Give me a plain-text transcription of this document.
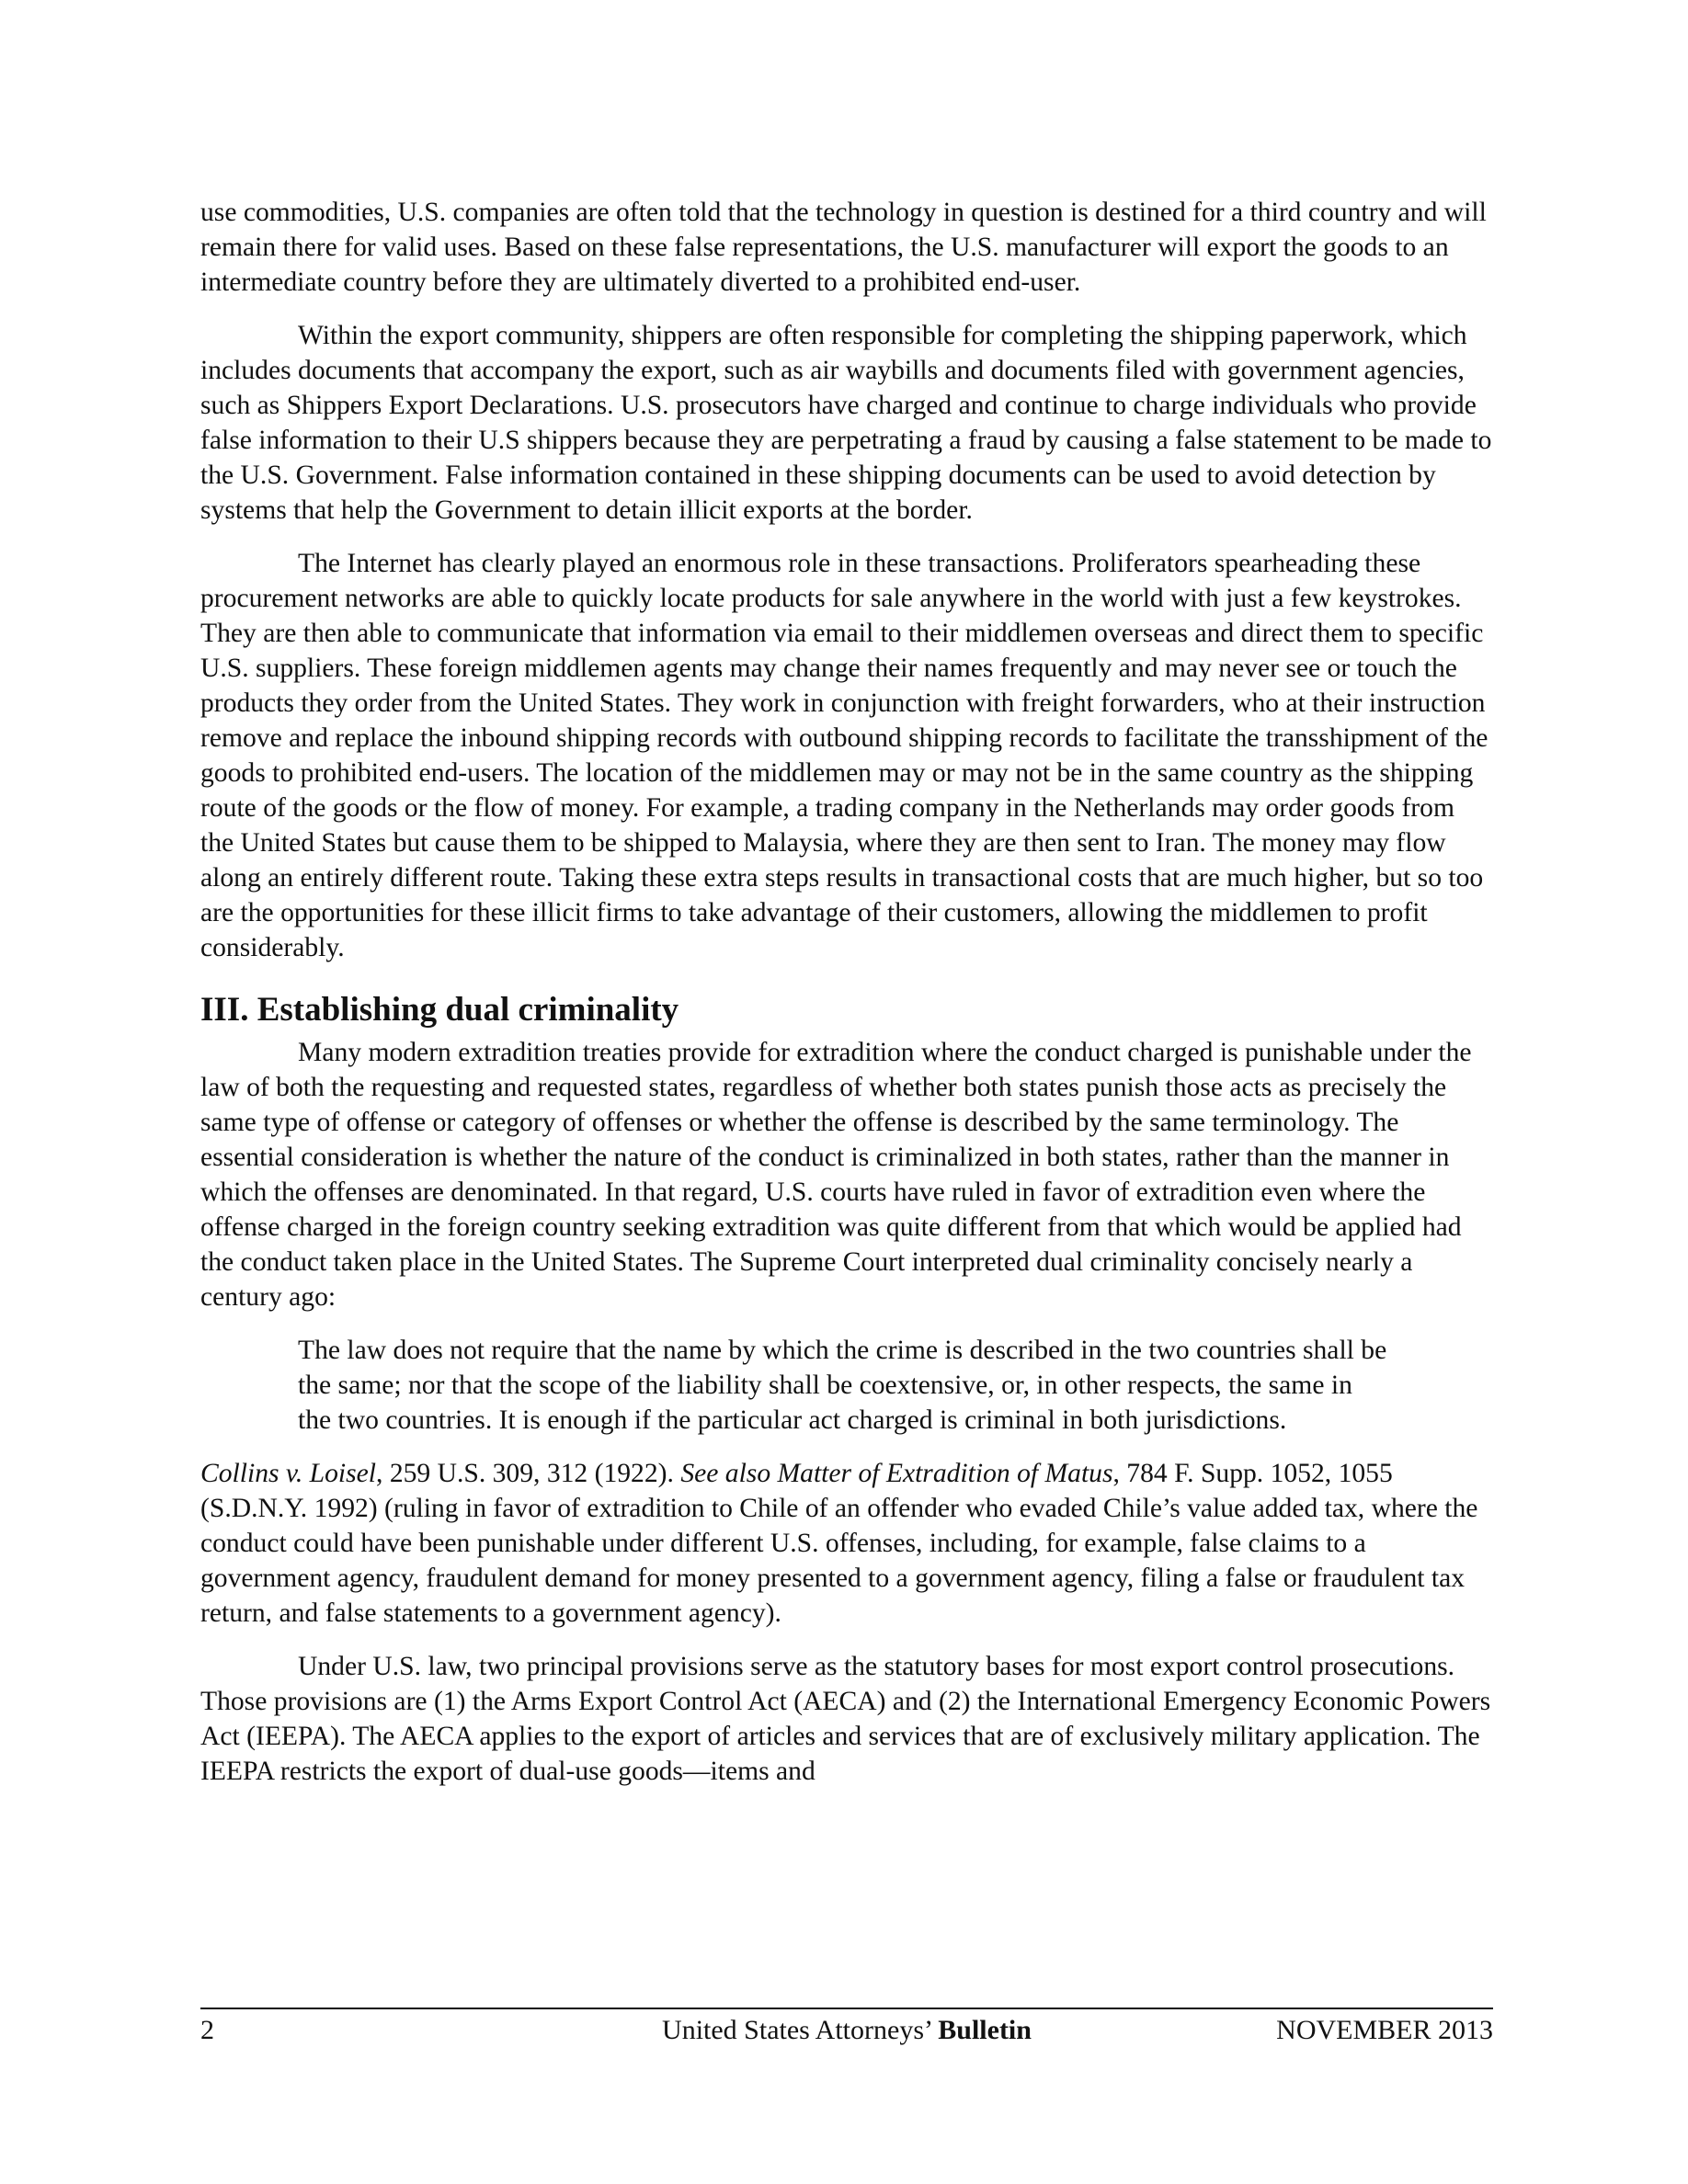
use commodities, U.S. companies are often told that the technology in question is destined for a third country and will remain there for valid uses. Based on these false representations, the U.S. manufacturer will export the goods to an intermediate country before they are ultimately diverted to a prohibited end-user.

Within the export community, shippers are often responsible for completing the shipping paperwork, which includes documents that accompany the export, such as air waybills and documents filed with government agencies, such as Shippers Export Declarations. U.S. prosecutors have charged and continue to charge individuals who provide false information to their U.S shippers because they are perpetrating a fraud by causing a false statement to be made to the U.S. Government. False information contained in these shipping documents can be used to avoid detection by systems that help the Government to detain illicit exports at the border.

The Internet has clearly played an enormous role in these transactions. Proliferators spearheading these procurement networks are able to quickly locate products for sale anywhere in the world with just a few keystrokes. They are then able to communicate that information via email to their middlemen overseas and direct them to specific U.S. suppliers. These foreign middlemen agents may change their names frequently and may never see or touch the products they order from the United States. They work in conjunction with freight forwarders, who at their instruction remove and replace the inbound shipping records with outbound shipping records to facilitate the transshipment of the goods to prohibited end-users. The location of the middlemen may or may not be in the same country as the shipping route of the goods or the flow of money. For example, a trading company in the Netherlands may order goods from the United States but cause them to be shipped to Malaysia, where they are then sent to Iran. The money may flow along an entirely different route. Taking these extra steps results in transactional costs that are much higher, but so too are the opportunities for these illicit firms to take advantage of their customers, allowing the middlemen to profit considerably.

III. Establishing dual criminality

Many modern extradition treaties provide for extradition where the conduct charged is punishable under the law of both the requesting and requested states, regardless of whether both states punish those acts as precisely the same type of offense or category of offenses or whether the offense is described by the same terminology. The essential consideration is whether the nature of the conduct is criminalized in both states, rather than the manner in which the offenses are denominated. In that regard, U.S. courts have ruled in favor of extradition even where the offense charged in the foreign country seeking extradition was quite different from that which would be applied had the conduct taken place in the United States. The Supreme Court interpreted dual criminality concisely nearly a century ago:

The law does not require that the name by which the crime is described in the two countries shall be the same; nor that the scope of the liability shall be coextensive, or, in other respects, the same in the two countries. It is enough if the particular act charged is criminal in both jurisdictions.

Collins v. Loisel, 259 U.S. 309, 312 (1922). See also Matter of Extradition of Matus, 784 F. Supp. 1052, 1055 (S.D.N.Y. 1992) (ruling in favor of extradition to Chile of an offender who evaded Chile’s value added tax, where the conduct could have been punishable under different U.S. offenses, including, for example, false claims to a government agency, fraudulent demand for money presented to a government agency, filing a false or fraudulent tax return, and false statements to a government agency).

Under U.S. law, two principal provisions serve as the statutory bases for most export control prosecutions. Those provisions are (1) the Arms Export Control Act (AECA) and (2) the International Emergency Economic Powers Act (IEEPA). The AECA applies to the export of articles and services that are of exclusively military application. The IEEPA restricts the export of dual-use goods—items and

2	United States Attorneys’ Bulletin	NOVEMBER 2013
